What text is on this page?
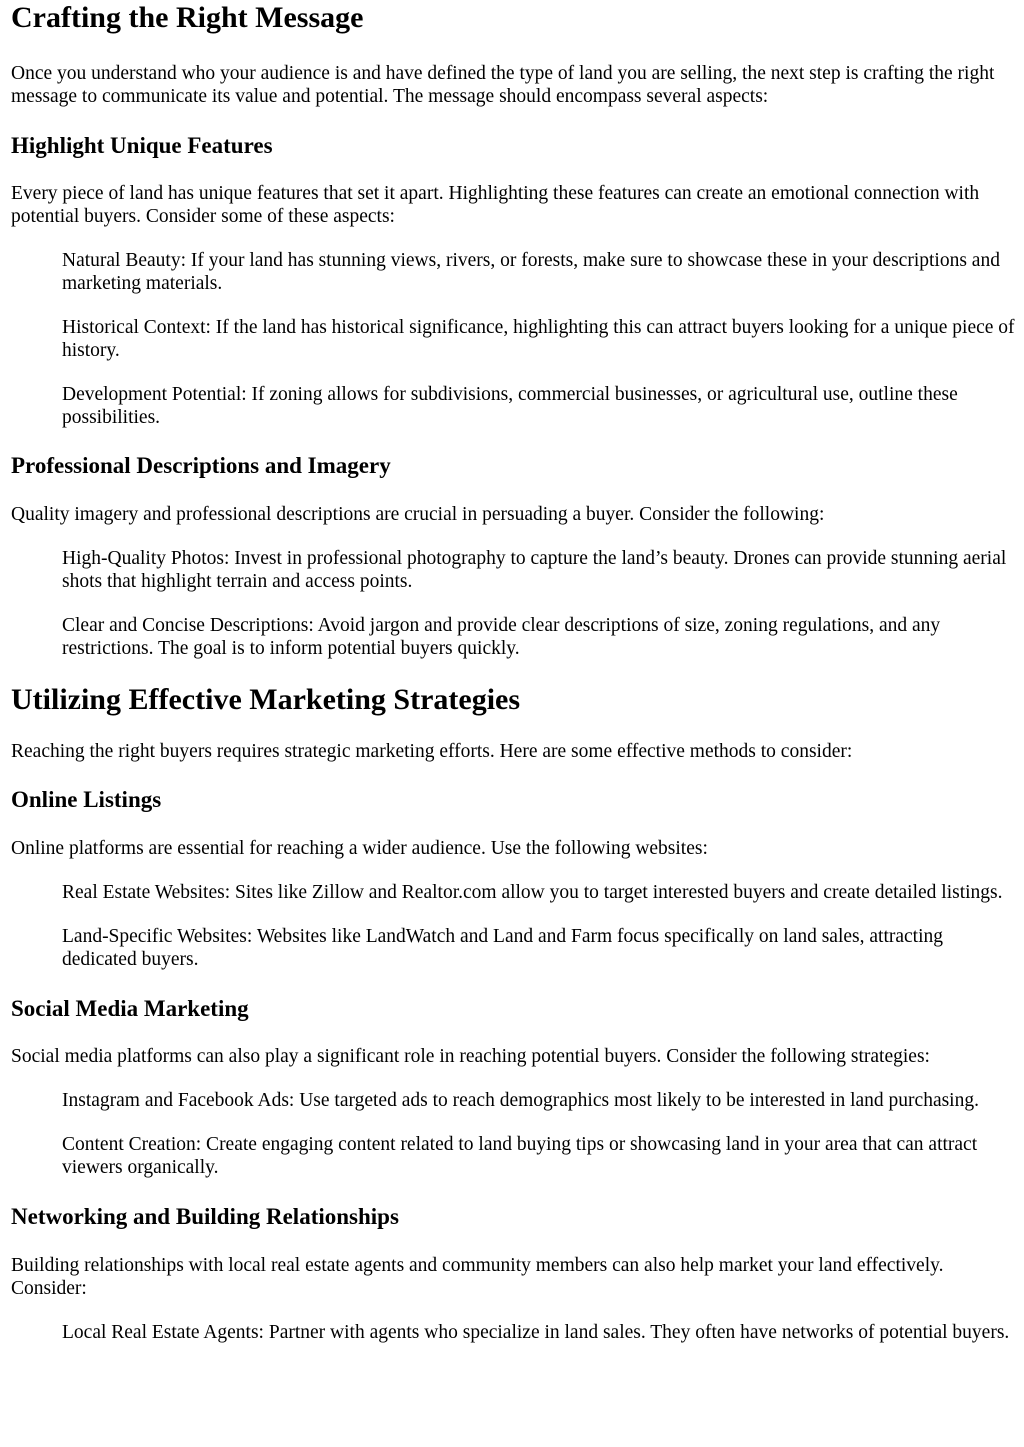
Crafting the Right Message

Once you understand who your audience is and have defined the type of land you are selling, the next step is crafting the right message to communicate its value and potential. The message should encompass several aspects:

Highlight Unique Features

Every piece of land has unique features that set it apart. Highlighting these features can create an emotional connection with potential buyers. Consider some of these aspects:

Natural Beauty: If your land has stunning views, rivers, or forests, make sure to showcase these in your descriptions and marketing materials.

Historical Context: If the land has historical significance, highlighting this can attract buyers looking for a unique piece of history.

Development Potential: If zoning allows for subdivisions, commercial businesses, or agricultural use, outline these possibilities.

Professional Descriptions and Imagery

Quality imagery and professional descriptions are crucial in persuading a buyer. Consider the following:

High-Quality Photos: Invest in professional photography to capture the land’s beauty. Drones can provide stunning aerial shots that highlight terrain and access points.

Clear and Concise Descriptions: Avoid jargon and provide clear descriptions of size, zoning regulations, and any restrictions. The goal is to inform potential buyers quickly.

Utilizing Effective Marketing Strategies

Reaching the right buyers requires strategic marketing efforts. Here are some effective methods to consider:

Online Listings

Online platforms are essential for reaching a wider audience. Use the following websites:

Real Estate Websites: Sites like Zillow and Realtor.com allow you to target interested buyers and create detailed listings.

Land-Specific Websites: Websites like LandWatch and Land and Farm focus specifically on land sales, attracting dedicated buyers.

Social Media Marketing

Social media platforms can also play a significant role in reaching potential buyers. Consider the following strategies:

Instagram and Facebook Ads: Use targeted ads to reach demographics most likely to be interested in land purchasing.

Content Creation: Create engaging content related to land buying tips or showcasing land in your area that can attract viewers organically.

Networking and Building Relationships

Building relationships with local real estate agents and community members can also help market your land effectively. Consider:

Local Real Estate Agents: Partner with agents who specialize in land sales. They often have networks of potential buyers.
